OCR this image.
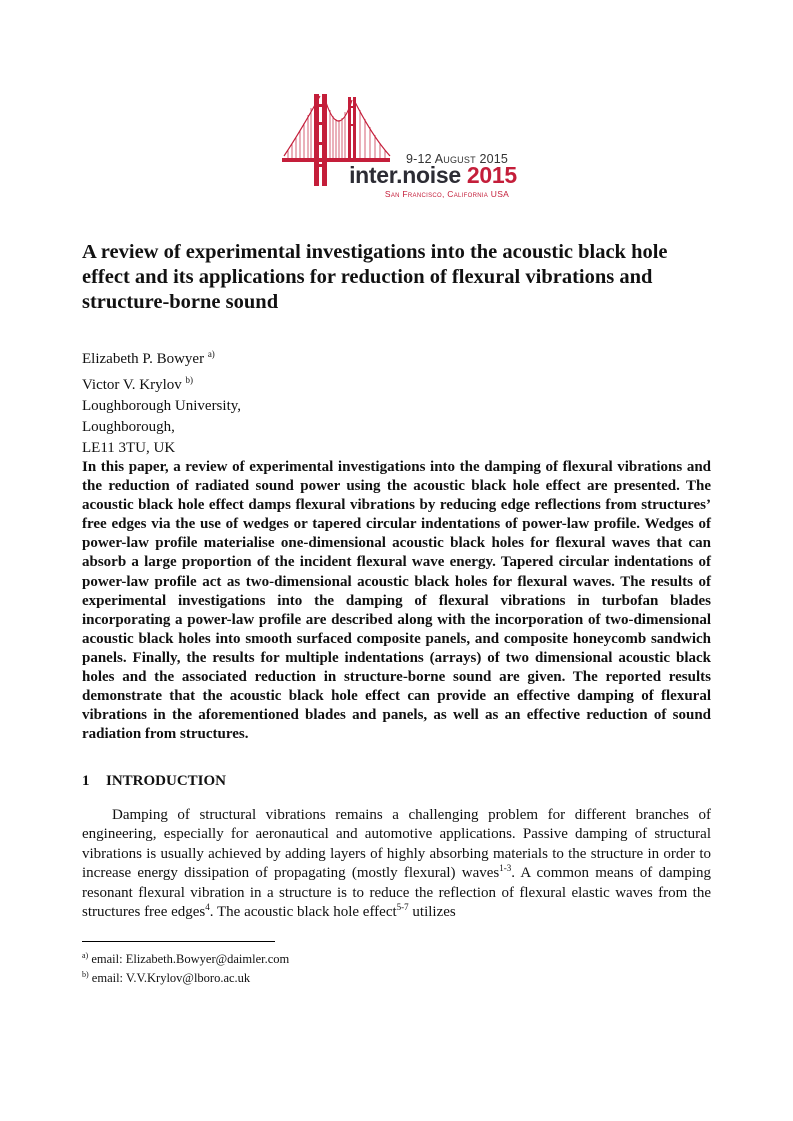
9-12 August 2015
inter.noise 2015
San Francisco, California USA
A review of experimental investigations into the acoustic black hole effect and its applications for reduction of flexural vibrations and structure-borne sound
Elizabeth P. Bowyer $^{a)}$
Victor V. Krylov $^{b)}$
Loughborough University,
Loughborough,
LE11 3TU, UK

In this paper, a review of experimental investigations into the damping of flexural vibrations and the reduction of radiated sound power using the acoustic black hole effect are presented. The acoustic black hole effect damps flexural vibrations by reducing edge reflections from structures’ free edges via the use of wedges or tapered circular indentations of power-law profile. Wedges of power-law profile materialise one-dimensional acoustic black holes for flexural waves that can absorb a large proportion of the incident flexural wave energy. Tapered circular indentations of power-law profile act as two-dimensional acoustic black holes for flexural waves. The results of experimental investigations into the damping of flexural vibrations in turbofan blades incorporating a power-law profile are described along with the incorporation of two-dimensional acoustic black holes into smooth surfaced composite panels, and composite honeycomb sandwich panels. Finally, the results for multiple indentations (arrays) of two dimensional acoustic black holes and the associated reduction in structure-borne sound are given. The reported results demonstrate that the acoustic black hole effect can provide an effective damping of flexural vibrations in the aforementioned blades and panels, as well as an effective reduction of sound radiation from structures.

1 INTRODUCTION

Damping of structural vibrations remains a challenging problem for different branches of engineering, especially for aeronautical and automotive applications. Passive damping of structural vibrations is usually achieved by adding layers of highly absorbing materials to the structure in order to increase energy dissipation of propagating (mostly flexural) waves$^{1-3}$. A common means of damping resonant flexural vibration in a structure is to reduce the reflection of flexural elastic waves from the structures free edges$^4$. The acoustic black hole effect$^{5-7}$ utilizes

$^{a)}$ email: Elizabeth.Bowyer@daimler.com
$^{b)}$ email: V.V.Krylov@lboro.ac.uk
